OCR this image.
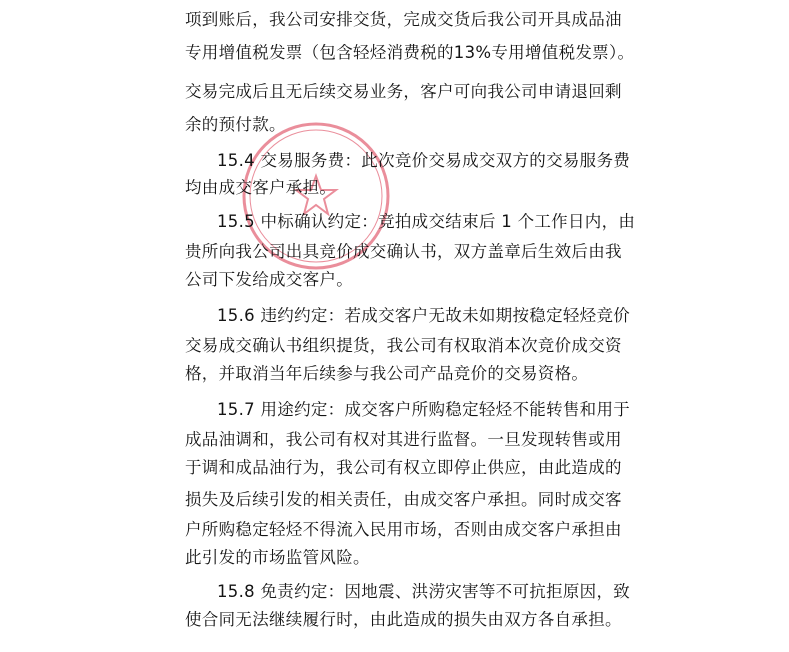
项到账后，我公司安排交货，完成交货后我公司开具成品油
专用增值税发票（包含轻烃消费税的13%专用增值税发票）。
交易完成后且无后续交易业务，客户可向我公司申请退回剩
余的预付款。
15.4 交易服务费：此次竞价交易成交双方的交易服务费
均由成交客户承担。
15.5 中标确认约定：竞拍成交结束后 1 个工作日内，由
贵所向我公司出具竞价成交确认书，双方盖章后生效后由我
公司下发给成交客户。
15.6 违约约定：若成交客户无故未如期按稳定轻烃竞价
交易成交确认书组织提货，我公司有权取消本次竞价成交资
格，并取消当年后续参与我公司产品竞价的交易资格。
15.7 用途约定：成交客户所购稳定轻烃不能转售和用于
成品油调和，我公司有权对其进行监督。一旦发现转售或用
于调和成品油行为，我公司有权立即停止供应，由此造成的
损失及后续引发的相关责任，由成交客户承担。同时成交客
户所购稳定轻烃不得流入民用市场，否则由成交客户承担由
此引发的市场监管风险。
15.8 免责约定：因地震、洪涝灾害等不可抗拒原因，致
使合同无法继续履行时，由此造成的损失由双方各自承担。
